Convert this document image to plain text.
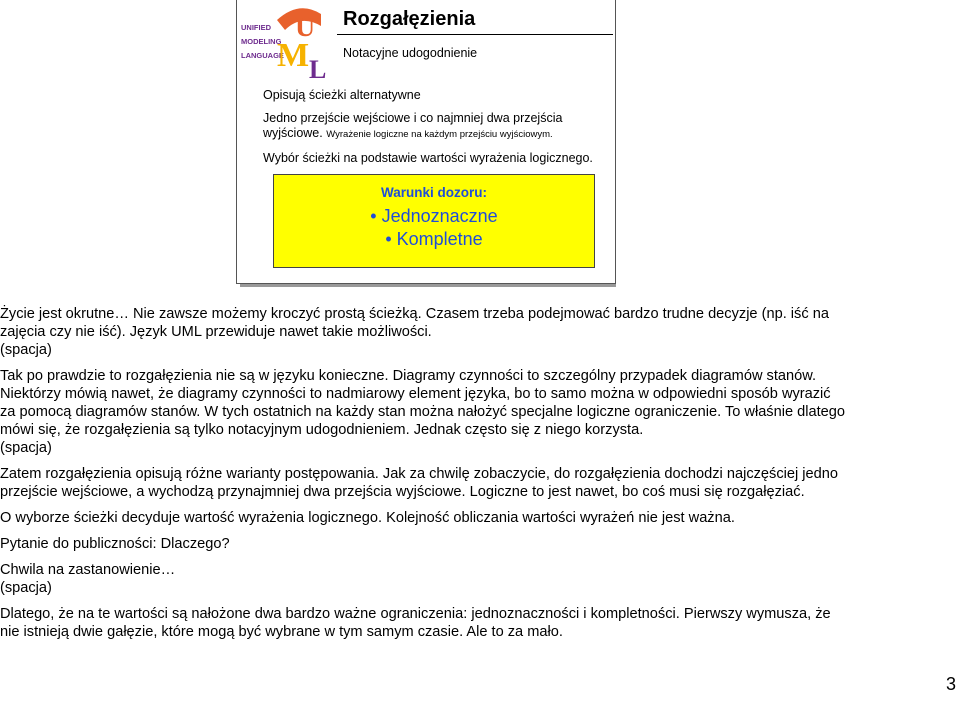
UNIFIED
MODELING
LANGUAGE
U
M L
Rozgałęzienia
Notacyjne udogodnienie
Opisują ścieżki alternatywne
Jedno przejście wejściowe i co najmniej dwa przejścia
wyjściowe. Wyrażenie logiczne na każdym przejściu wyjściowym.
Wybór ścieżki na podstawie wartości wyrażenia logicznego.
Warunki dozoru:
• Jednoznaczne
• Kompletne

Życie jest okrutne… Nie zawsze możemy kroczyć prostą ścieżką. Czasem trzeba podejmować bardzo trudne decyzje (np. iść na zajęcia czy nie iść). Język UML przewiduje nawet takie możliwości.

(spacja)

Tak po prawdzie to rozgałęzienia nie są w języku konieczne. Diagramy czynności to szczególny przypadek diagramów stanów. Niektórzy mówią nawet, że diagramy czynności to nadmiarowy element języka, bo to samo można w odpowiedni sposób wyrazić za pomocą diagramów stanów. W tych ostatnich na każdy stan można nałożyć specjalne logiczne ograniczenie. To właśnie dlatego mówi się, że rozgałęzienia są tylko notacyjnym udogodnieniem. Jednak często się z niego korzysta.

(spacja)

Zatem rozgałęzienia opisują różne warianty postępowania. Jak za chwilę zobaczycie, do rozgałęzienia dochodzi najczęściej jedno przejście wejściowe, a wychodzą przynajmniej dwa przejścia wyjściowe. Logiczne to jest nawet, bo coś musi się rozgałęziać.

O wyborze ścieżki decyduje wartość wyrażenia logicznego. Kolejność obliczania wartości wyrażeń nie jest ważna.

Pytanie do publiczności: Dlaczego?

Chwila na zastanowienie…

(spacja)

Dlatego, że na te wartości są nałożone dwa bardzo ważne ograniczenia: jednoznaczności i kompletności. Pierwszy wymusza, że nie istnieją dwie gałęzie, które mogą być wybrane w tym samym czasie. Ale to za mało.

3
